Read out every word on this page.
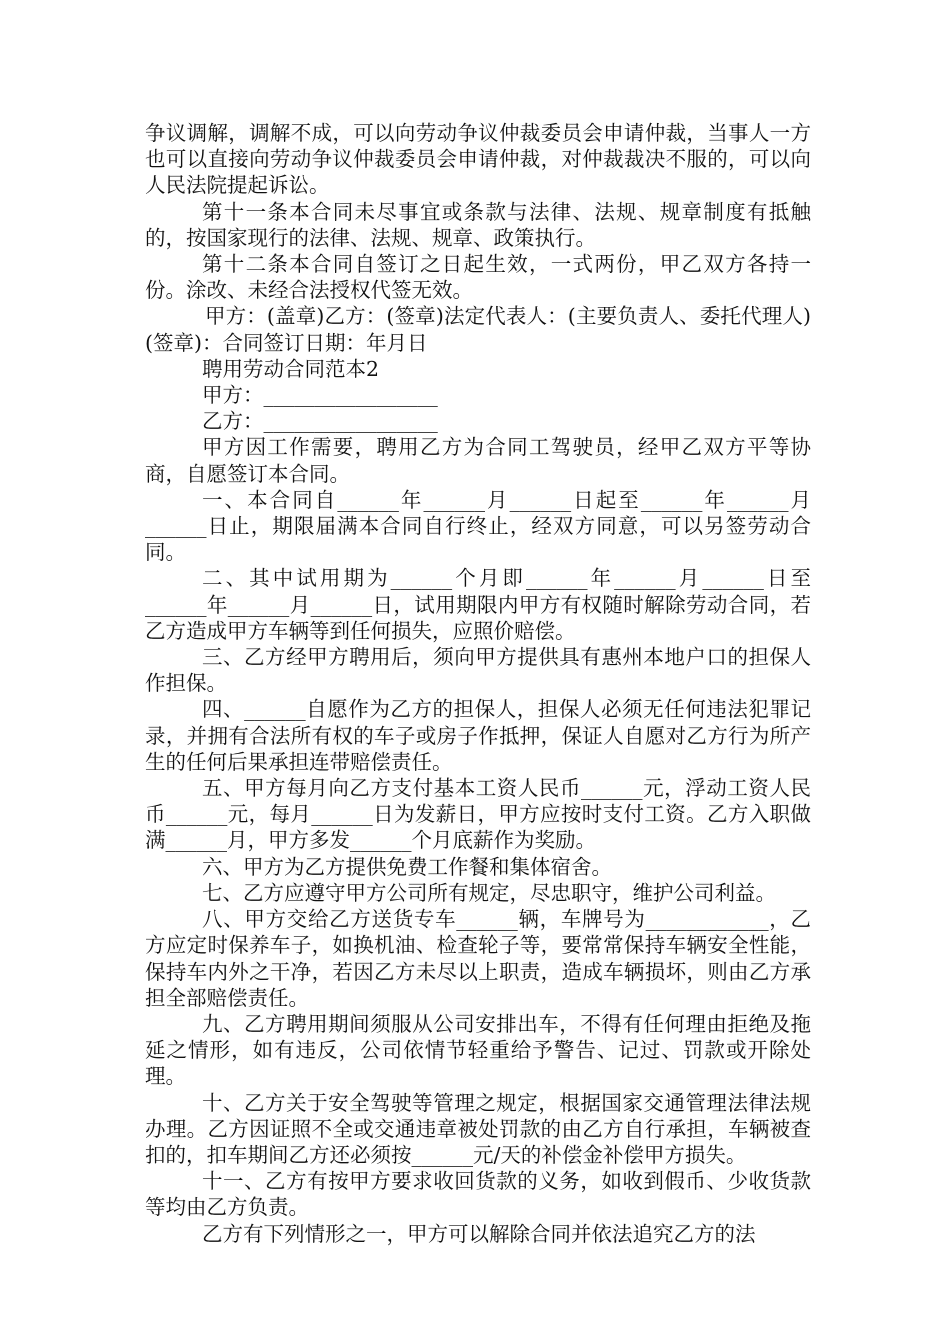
争议调解，调解不成，可以向劳动争议仲裁委员会申请仲裁，当事人一方也可以直接向劳动争议仲裁委员会申请仲裁，对仲裁裁决不服的，可以向人民法院提起诉讼。

第十一条本合同未尽事宜或条款与法律、法规、规章制度有抵触的，按国家现行的法律、法规、规章、政策执行。

第十二条本合同自签订之日起生效，一式两份，甲乙双方各持一份。涂改、未经合法授权代签无效。

甲方：(盖章)乙方：(签章)法定代表人：(主要负责人、委托代理人)(签章)：合同签订日期：年月日

聘用劳动合同范本2

甲方：_________________

乙方：_________________

甲方因工作需要，聘用乙方为合同工驾驶员，经甲乙双方平等协商，自愿签订本合同。

一、本合同自______年______月______日起至______年______月______日止，期限届满本合同自行终止，经双方同意，可以另签劳动合同。

二、其中试用期为______个月即______年______月______日至______年______月______日，试用期限内甲方有权随时解除劳动合同，若乙方造成甲方车辆等到任何损失，应照价赔偿。

三、乙方经甲方聘用后，须向甲方提供具有惠州本地户口的担保人作担保。

四、______自愿作为乙方的担保人，担保人必须无任何违法犯罪记录，并拥有合法所有权的车子或房子作抵押，保证人自愿对乙方行为所产生的任何后果承担连带赔偿责任。

五、甲方每月向乙方支付基本工资人民币______元，浮动工资人民币______元，每月______日为发薪日，甲方应按时支付工资。乙方入职做满______月，甲方多发______个月底薪作为奖励。

六、甲方为乙方提供免费工作餐和集体宿舍。

七、乙方应遵守甲方公司所有规定，尽忠职守，维护公司利益。

八、甲方交给乙方送货专车______辆，车牌号为____________，乙方应定时保养车子，如换机油、检查轮子等，要常常保持车辆安全性能，保持车内外之干净，若因乙方未尽以上职责，造成车辆损坏，则由乙方承担全部赔偿责任。

九、乙方聘用期间须服从公司安排出车，不得有任何理由拒绝及拖延之情形，如有违反，公司依情节轻重给予警告、记过、罚款或开除处理。

十、乙方关于安全驾驶等管理之规定，根据国家交通管理法律法规办理。乙方因证照不全或交通违章被处罚款的由乙方自行承担，车辆被查扣的，扣车期间乙方还必须按______元/天的补偿金补偿甲方损失。

十一、乙方有按甲方要求收回货款的义务，如收到假币、少收货款等均由乙方负责。

乙方有下列情形之一，甲方可以解除合同并依法追究乙方的法
